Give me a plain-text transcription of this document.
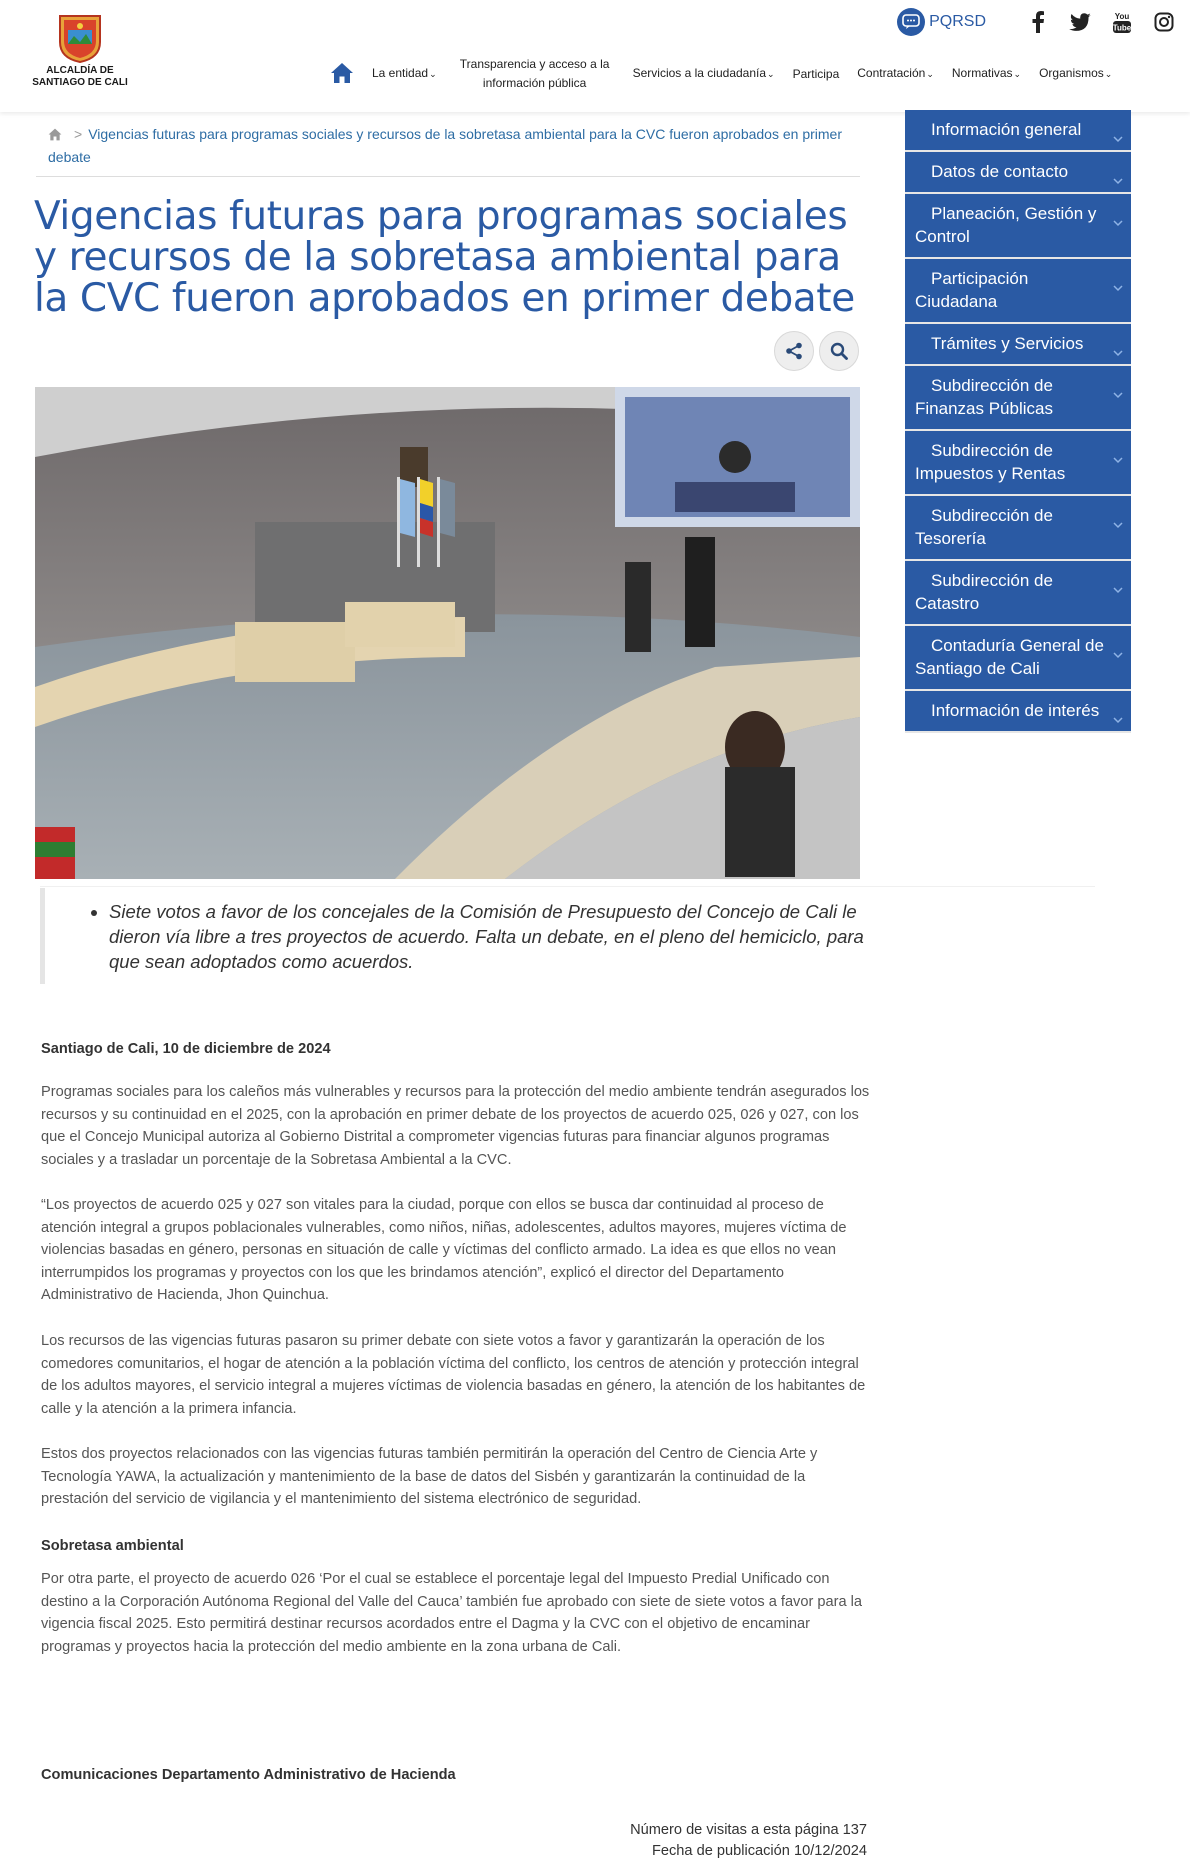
ALCALDÍA DE
SANTIAGO DE CALI
PQRSD	You
Tube
La entidad⌄
Transparencia y acceso a la información pública
Servicios a la ciudadanía⌄ Participa Contratación⌄ Normativas⌄ Organismos⌄
> Vigencias futuras para programas sociales y recursos de la sobretasa ambiental para la CVC fueron aprobados en primer debate
Vigencias futuras para programas sociales y recursos de la sobretasa ambiental para la CVC fueron aprobados en primer debate
• Siete votos a favor de los concejales de la Comisión de Presupuesto del Concejo de Cali le dieron vía libre a tres proyectos de acuerdo. Falta un debate, en el pleno del hemiciclo, para que sean adoptados como acuerdos.
Santiago de Cali, 10 de diciembre de 2024

Programas sociales para los caleños más vulnerables y recursos para la protección del medio ambiente tendrán asegurados los recursos y su continuidad en el 2025, con la aprobación en primer debate de los proyectos de acuerdo 025, 026 y 027, con los que el Concejo Municipal autoriza al Gobierno Distrital a comprometer vigencias futuras para financiar algunos programas sociales y a trasladar un porcentaje de la Sobretasa Ambiental a la CVC.

“Los proyectos de acuerdo 025 y 027 son vitales para la ciudad, porque con ellos se busca dar continuidad al proceso de atención integral a grupos poblacionales vulnerables, como niños, niñas, adolescentes, adultos mayores, mujeres víctima de violencias basadas en género, personas en situación de calle y víctimas del conflicto armado. La idea es que ellos no vean interrumpidos los programas y proyectos con los que les brindamos atención”, explicó el director del Departamento Administrativo de Hacienda, Jhon Quinchua.

Los recursos de las vigencias futuras pasaron su primer debate con siete votos a favor y garantizarán la operación de los comedores comunitarios, el hogar de atención a la población víctima del conflicto, los centros de atención y protección integral de los adultos mayores, el servicio integral a mujeres víctimas de violencia basadas en género, la atención de los habitantes de calle y la atención a la primera infancia.

Estos dos proyectos relacionados con las vigencias futuras también permitirán la operación del Centro de Ciencia Arte y Tecnología YAWA, la actualización y mantenimiento de la base de datos del Sisbén y garantizarán la continuidad de la prestación del servicio de vigilancia y el mantenimiento del sistema electrónico de seguridad.

Sobretasa ambiental

Por otra parte, el proyecto de acuerdo 026 ‘Por el cual se establece el porcentaje legal del Impuesto Predial Unificado con destino a la Corporación Autónoma Regional del Valle del Cauca’ también fue aprobado con siete de siete votos a favor para la vigencia fiscal 2025. Esto permitirá destinar recursos acordados entre el Dagma y la CVC con el objetivo de encaminar programas y proyectos hacia la protección del medio ambiente en la zona urbana de Cali.

Comunicaciones Departamento Administrativo de Hacienda
Número de visitas a esta página 137
Fecha de publicación 10/12/2024
Información general
Datos de contacto
Planeación, Gestión y Control
Participación Ciudadana
Trámites y Servicios
Subdirección de Finanzas Públicas
Subdirección de Impuestos y Rentas
Subdirección de Tesorería
Subdirección de Catastro
Contaduría General de Santiago de Cali
Información de interés
